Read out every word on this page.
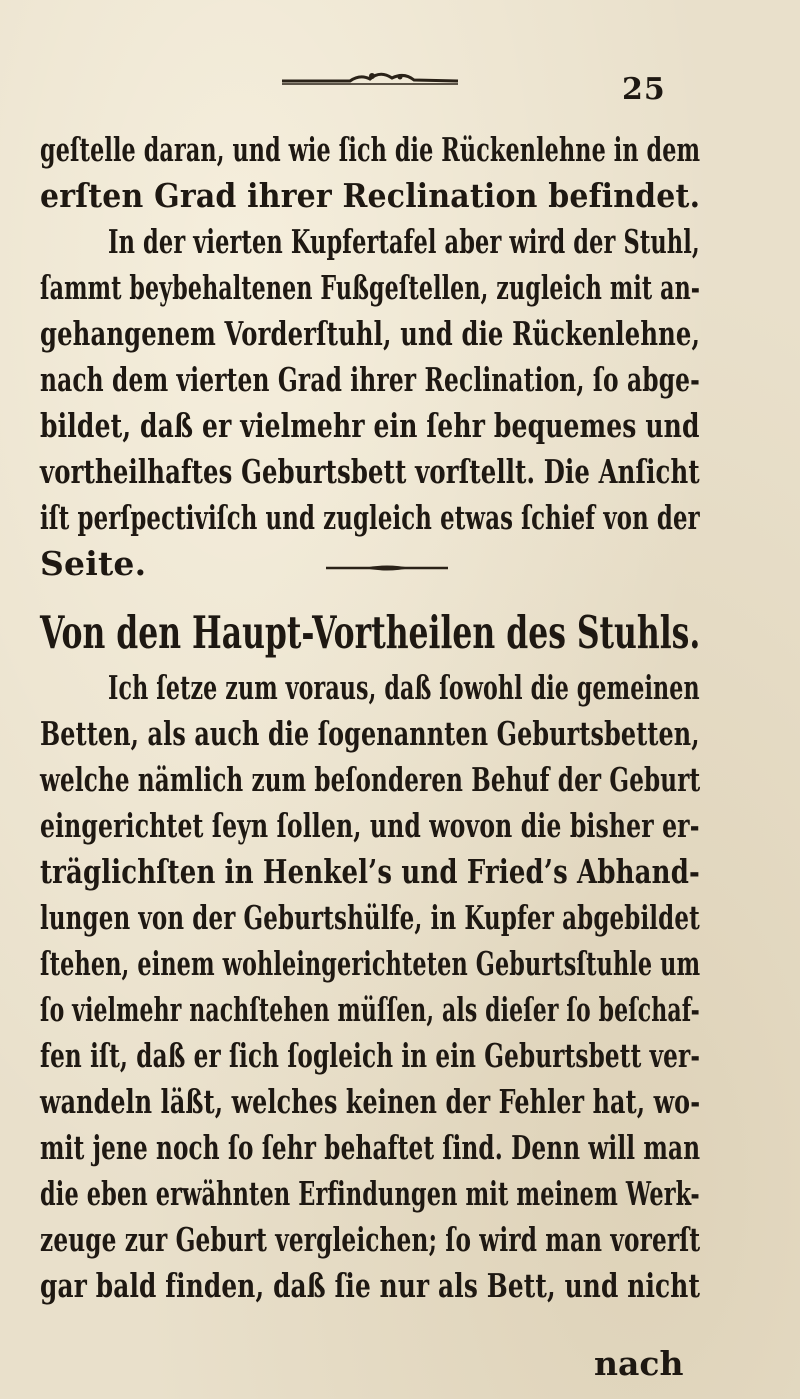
25
geſtelle daran, und wie ſich die Rückenlehne in dem
erſten Grad ihrer Reclination befindet.
In der vierten Kupfertafel aber wird der Stuhl,
ſammt beybehaltenen Fußgeſtellen, zugleich mit an-
gehangenem Vorderſtuhl, und die Rückenlehne,
nach dem vierten Grad ihrer Reclination, ſo abge-
bildet, daß er vielmehr ein ſehr bequemes und
vortheilhaftes Geburtsbett vorſtellt. Die Anſicht
iſt perſpectiviſch und zugleich etwas ſchief von der
Seite.
Von den Haupt-Vortheilen des Stuhls.
Ich ſetze zum voraus, daß ſowohl die gemeinen
Betten, als auch die ſogenannten Geburtsbetten,
welche nämlich zum beſonderen Behuf der Geburt
eingerichtet ſeyn ſollen, und wovon die bisher er-
träglichſten in Henkel’s und Fried’s Abhand-
lungen von der Geburtshülfe, in Kupfer abgebildet
ſtehen, einem wohleingerichteten Geburtsſtuhle um
ſo vielmehr nachſtehen müſſen, als dieſer ſo beſchaf-
fen iſt, daß er ſich ſogleich in ein Geburtsbett ver-
wandeln läßt, welches keinen der Fehler hat, wo-
mit jene noch ſo ſehr behaftet ſind. Denn will man
die eben erwähnten Erfindungen mit meinem Werk-
zeuge zur Geburt vergleichen; ſo wird man vorerſt
gar bald finden, daß ſie nur als Bett, und nicht
nach
